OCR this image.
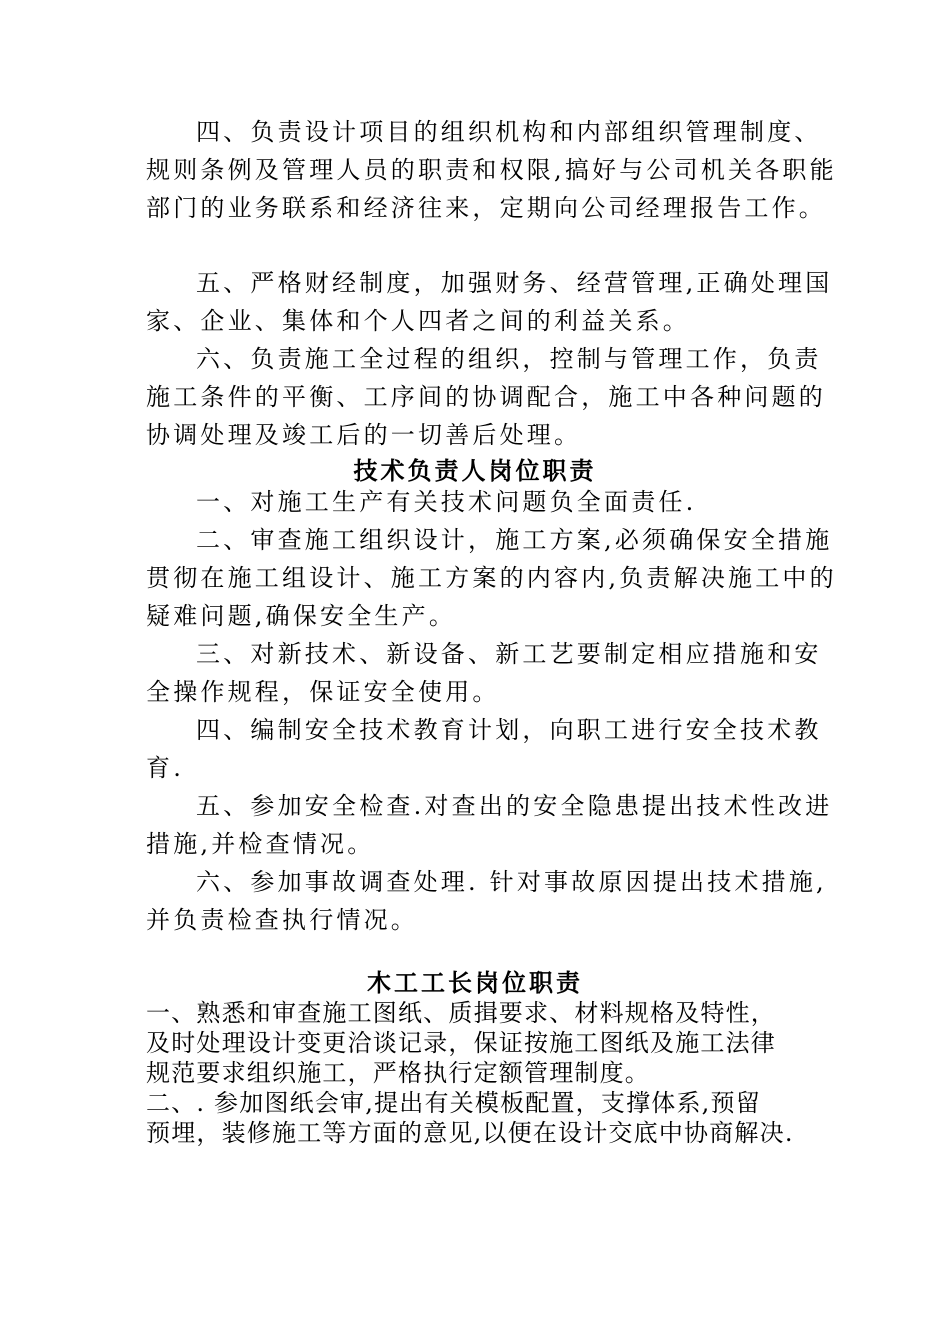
四、负责设计项目的组织机构和内部组织管理制度、
规则条例及管理人员的职责和权限,搞好与公司机关各职能
部门的业务联系和经济往来，定期向公司经理报告工作。
五、严格财经制度，加强财务、经营管理,正确处理国
家、企业、集体和个人四者之间的利益关系。
六、负责施工全过程的组织，控制与管理工作，负责
施工条件的平衡、工序间的协调配合，施工中各种问题的
协调处理及竣工后的一切善后处理。
技术负责人岗位职责
一、对施工生产有关技术问题负全面责任.
二、审查施工组织设计，施工方案,必须确保安全措施
贯彻在施工组设计、施工方案的内容内,负责解决施工中的
疑难问题,确保安全生产。
三、对新技术、新设备、新工艺要制定相应措施和安
全操作规程，保证安全使用。
四、编制安全技术教育计划，向职工进行安全技术教
育.
五、参加安全检查.对查出的安全隐患提出技术性改进
措施,并检查情况。
六、参加事故调查处理. 针对事故原因提出技术措施,
并负责检查执行情况。
木工工长岗位职责
一、熟悉和审查施工图纸、质揖要求、材料规格及特性，
及时处理设计变更洽谈记录，保证按施工图纸及施工法律
规范要求组织施工，严格执行定额管理制度。
二、. 参加图纸会审,提出有关模板配置，支撑体系,预留
预埋，装修施工等方面的意见,以便在设计交底中协商解决.
